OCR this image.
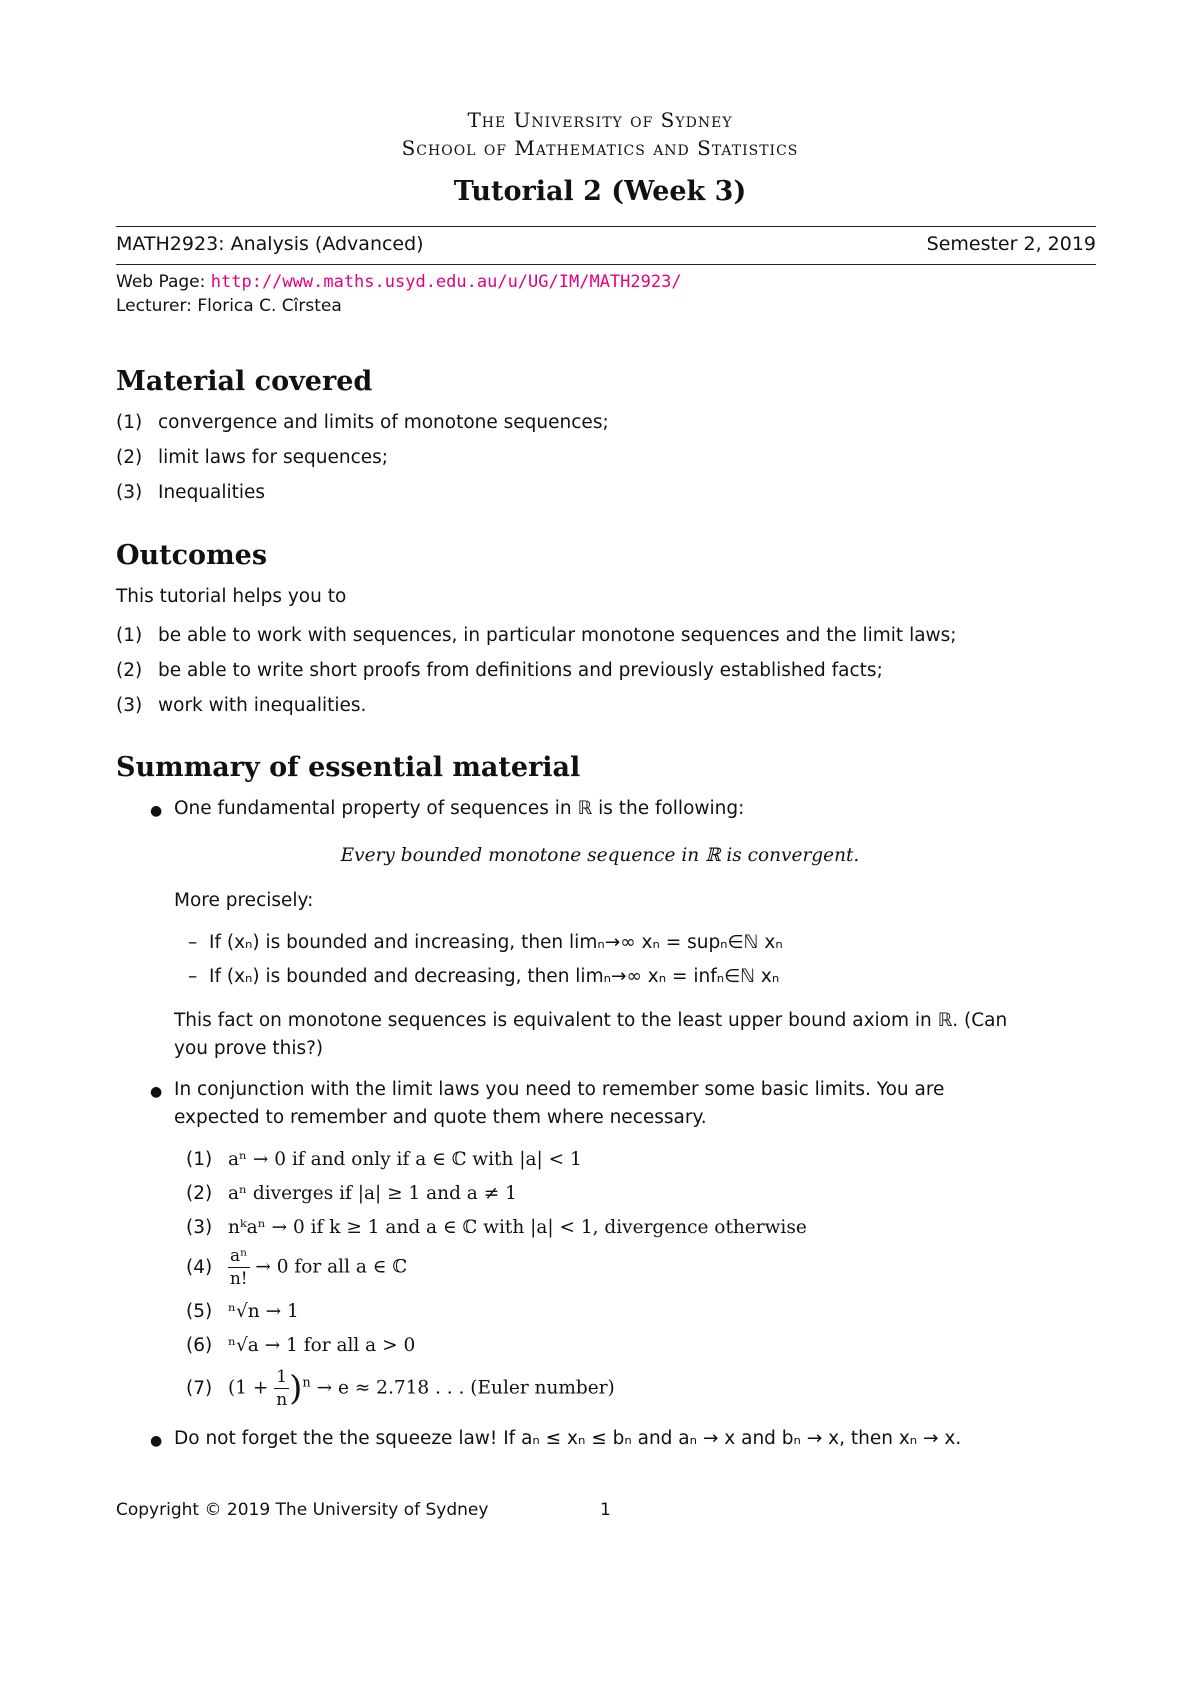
The University of Sydney
School of Mathematics and Statistics
Tutorial 2 (Week 3)
MATH2923: Analysis (Advanced)	Semester 2, 2019
Web Page: http://www.maths.usyd.edu.au/u/UG/IM/MATH2923/
Lecturer: Florica C. Cîrstea
Material covered
(1) convergence and limits of monotone sequences;
(2) limit laws for sequences;
(3) Inequalities
Outcomes
This tutorial helps you to
(1) be able to work with sequences, in particular monotone sequences and the limit laws;
(2) be able to write short proofs from definitions and previously established facts;
(3) work with inequalities.
Summary of essential material
● One fundamental property of sequences in ℝ is the following:
Every bounded monotone sequence in ℝ is convergent.
More precisely:
–  If (xₙ) is bounded and increasing, then limₙ→∞ xₙ = supₙ∈ℕ xₙ
–  If (xₙ) is bounded and decreasing, then limₙ→∞ xₙ = infₙ∈ℕ xₙ
This fact on monotone sequences is equivalent to the least upper bound axiom in ℝ. (Can
you prove this?)
● In conjunction with the limit laws you need to remember some basic limits. You are
expected to remember and quote them where necessary.
(1) aⁿ → 0 if and only if a ∈ ℂ with |a| < 1
(2) aⁿ diverges if |a| ≥ 1 and a ≠ 1
(3) nᵏaⁿ → 0 if k ≥ 1 and a ∈ ℂ with |a| < 1, divergence otherwise
$(4) \frac{\text{aⁿ}}{n!} \to 0$ for all a ∈ ℂ
(5) ⁿ√n → 1
(6) ⁿ√a → 1 for all a > 0
(7) $(1 + \frac{1}{n} )^n \to e \approx 2.718$ . . . (Euler number)
● Do not forget the the squeeze law! If aₙ ≤ xₙ ≤ bₙ and aₙ → x and bₙ → x, then xₙ → x.
Copyright © 2019 The University of Sydney	1
